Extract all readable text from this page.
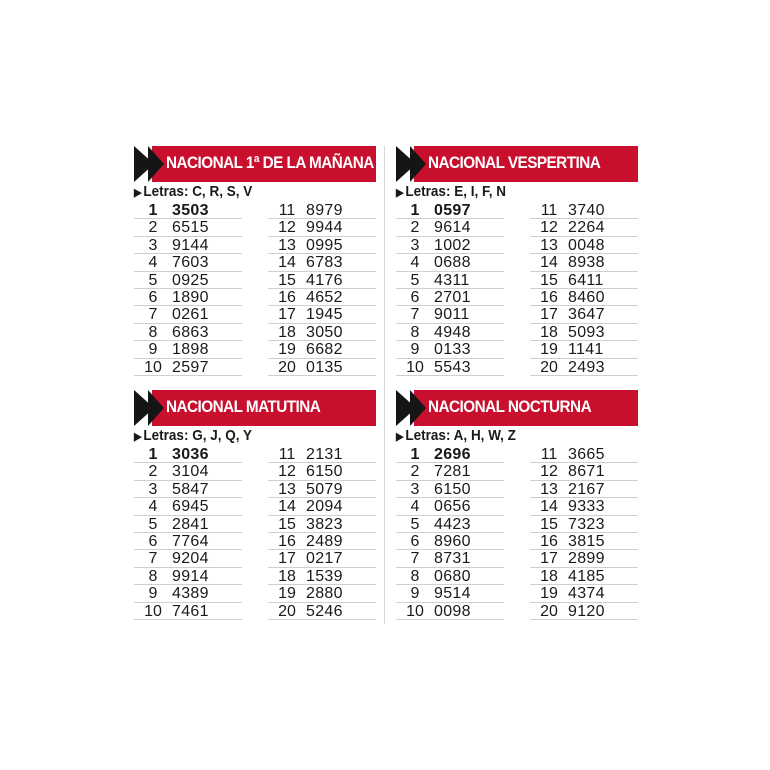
NACIONAL 1ª DE LA MAÑANA
▶ Letras: C, R, S, V
1 3503
2 6515
3 9144
4 7603
5 0925
6 1890
7 0261
8 6863
9 1898
10 2597
11 8979
12 9944
13 0995
14 6783
15 4176
16 4652
17 1945
18 3050
19 6682
20 0135
NACIONAL VESPERTINA
▶ Letras: E, I, F, N
1 0597
2 9614
3 1002
4 0688
5 4311
6 2701
7 9011
8 4948
9 0133
10 5543
11 3740
12 2264
13 0048
14 8938
15 6411
16 8460
17 3647
18 5093
19 1141
20 2493
NACIONAL MATUTINA
▶ Letras: G, J, Q, Y
1 3036
2 3104
3 5847
4 6945
5 2841
6 7764
7 9204
8 9914
9 4389
10 7461
11 2131
12 6150
13 5079
14 2094
15 3823
16 2489
17 0217
18 1539
19 2880
20 5246
NACIONAL NOCTURNA
▶ Letras: A, H, W, Z
1 2696
2 7281
3 6150
4 0656
5 4423
6 8960
7 8731
8 0680
9 9514
10 0098
11 3665
12 8671
13 2167
14 9333
15 7323
16 3815
17 2899
18 4185
19 4374
20 9120
